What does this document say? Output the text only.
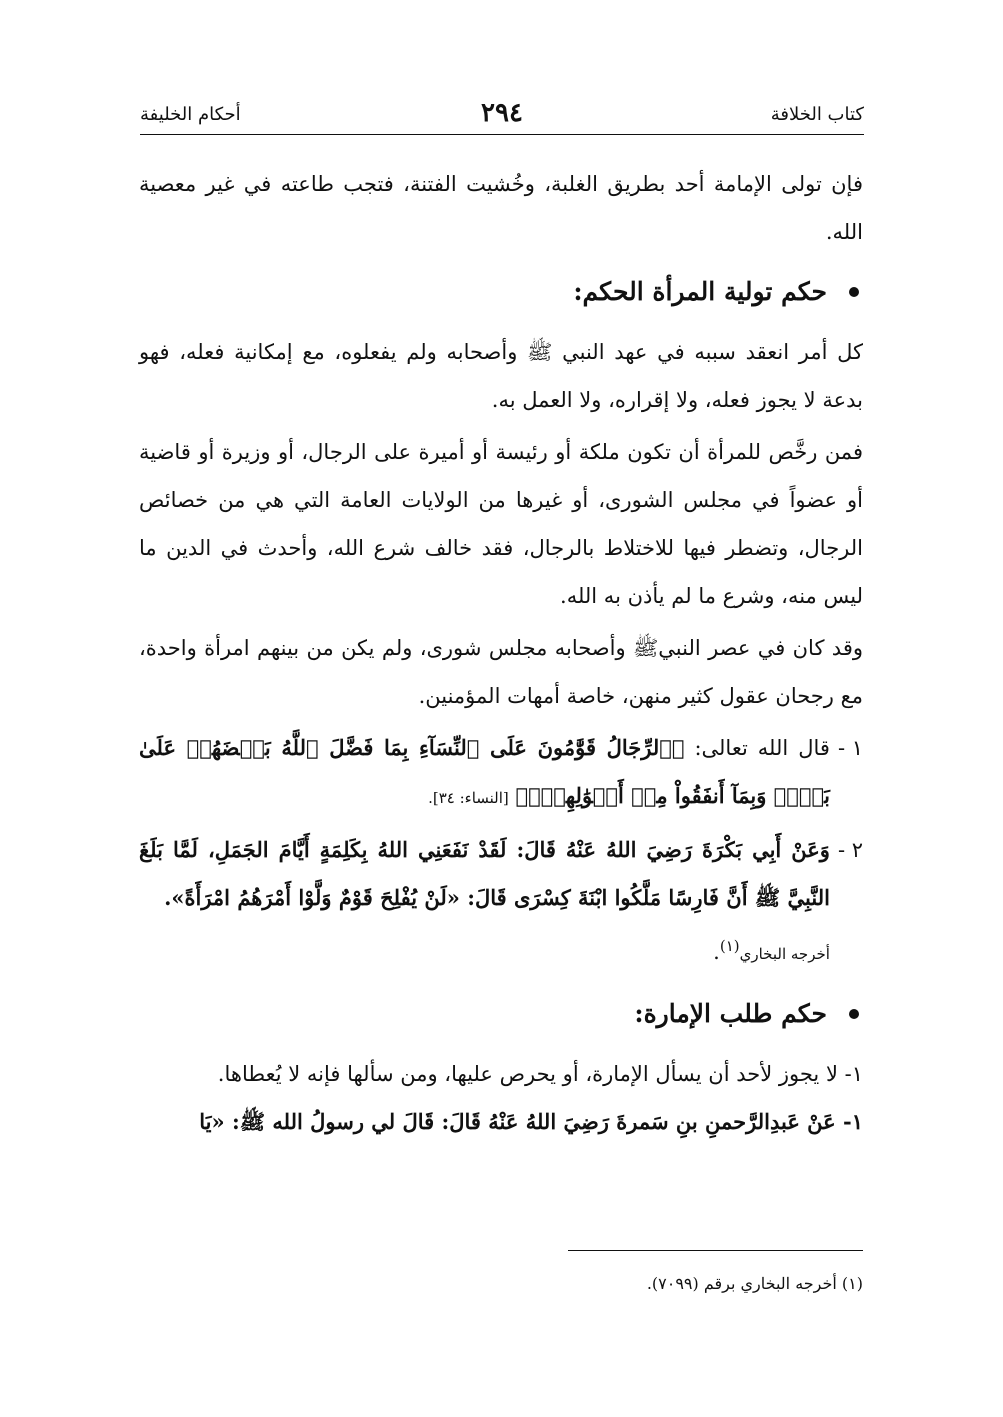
كتاب الخلافة
٢٩٤
أحكام الخليفة

فإن تولى الإمامة أحد بطريق الغلبة، وخُشيت الفتنة، فتجب طاعته في غير معصية الله.

حكم تولية المرأة الحكم:

كل أمر انعقد سببه في عهد النبي ﷺ وأصحابه ولم يفعلوه، مع إمكانية فعله، فهو بدعة لا يجوز فعله، ولا إقراره، ولا العمل به.

فمن رخَّص للمرأة أن تكون ملكة أو رئيسة أو أميرة على الرجال، أو وزيرة أو قاضية أو عضواً في مجلس الشورى، أو غيرها من الولايات العامة التي هي من خصائص الرجال، وتضطر فيها للاختلاط بالرجال، فقد خالف شرع الله، وأحدث في الدين ما ليس منه، وشرع ما لم يأذن به الله.

وقد كان في عصر النبيﷺ وأصحابه مجلس شورى، ولم يكن من بينهم امرأة واحدة، مع رجحان عقول كثير منهن، خاصة أمهات المؤمنين.

١ -
قال الله تعالى: ﴿ٱلرِّجَالُ قَوَّٰمُونَ عَلَى ٱلنِّسَآءِ بِمَا فَضَّلَ ٱللَّهُ بَعۡضَهُمۡ عَلَىٰ بَعۡضٖ وَبِمَآ أَنفَقُواْ مِنۡ أَمۡوَٰلِهِمۡۚ﴾ [النساء: ٣٤].
٢ -
وَعَنْ أَبِي بَكْرَةَ رَضِيَ اللهُ عَنْهُ قَالَ: لَقَدْ نَفَعَنِي اللهُ بِكَلِمَةٍ أَيَّامَ الجَمَلِ، لَمَّا بَلَغَ النَّبِيَّ ﷺ أَنَّ فَارِسًا مَلَّكُوا ابْنَةَ كِسْرَى قَالَ: «لَنْ يُفْلِحَ قَوْمٌ وَلَّوْا أَمْرَهُمُ امْرَأَةً».
أخرجه البخاري$^{(١)}$.

حكم طلب الإمارة:

١- لا يجوز لأحد أن يسأل الإمارة، أو يحرص عليها، ومن سألها فإنه لا يُعطاها.

١- عَنْ عَبدِالرَّحمنِ بنِ سَمرةَ رَضِيَ اللهُ عَنْهُ قَالَ: قَالَ لي رسولُ الله ﷺ: «يَا

(١) أخرجه البخاري برقم (٧٠٩٩).
